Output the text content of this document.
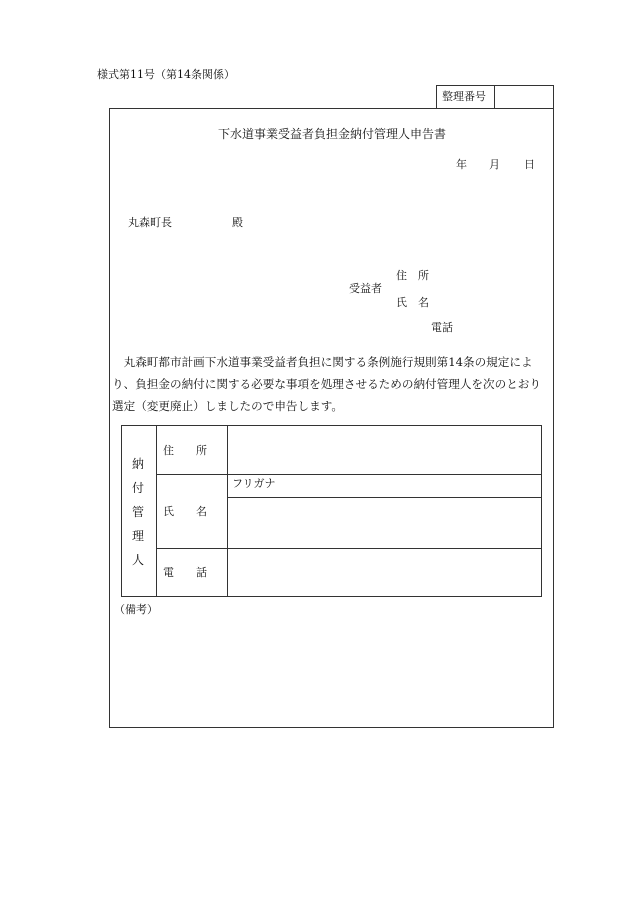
様式第11号（第14条関係）
整理番号
下水道事業受益者負担金納付管理人申告書
年 月 日
丸森町長	殿
住　所
受益者
氏　名
電話
丸森町都市計画下水道事業受益者負担に関する条例施行規則第14条の規定により、負担金の納付に関する必要な事項を処理させるための納付管理人を次のとおり選定（変更廃止）しましたので申告します。
納
付
管
理
人
住　　所
氏　　名
電　　話
フリガナ
（備考）
